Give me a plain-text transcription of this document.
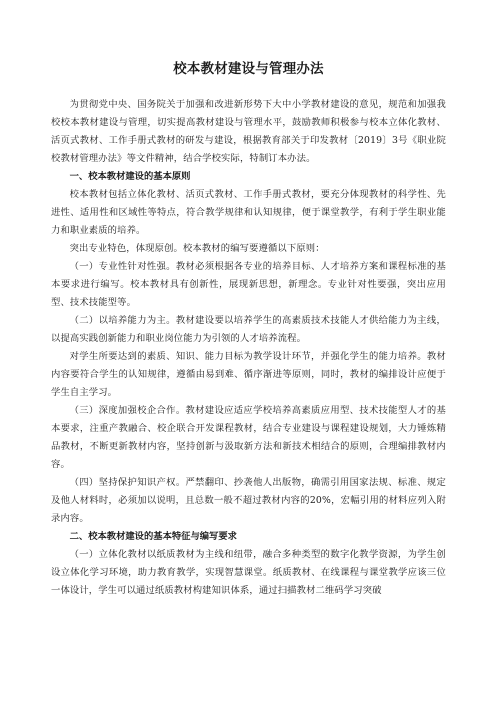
校本教材建设与管理办法

为贯彻党中央、国务院关于加强和改进新形势下大中小学教材建设的意见，规范和加强我校校本教材建设与管理，切实提高教材建设与管理水平，鼓励教师积极参与校本立体化教材、活页式教材、工作手册式教材的研发与建设，根据教育部关于印发教材〔2019〕3号《职业院校教材管理办法》等文件精神，结合学校实际，特制订本办法。

一、校本教材建设的基本原则

校本教材包括立体化教材、活页式教材、工作手册式教材，要充分体现教材的科学性、先进性、适用性和区域性等特点，符合教学规律和认知规律，便于课堂教学，有利于学生职业能力和职业素质的培养。

突出专业特色，体现原创。校本教材的编写要遵循以下原则：

（一）专业性针对性强。教材必须根据各专业的培养目标、人才培养方案和课程标准的基本要求进行编写。校本教材具有创新性，展现新思想，新理念。专业针对性要强，突出应用型、技术技能型等。

（二）以培养能力为主。教材建设要以培养学生的高素质技术技能人才供给能力为主线，以提高实践创新能力和职业岗位能力为引领的人才培养流程。

对学生所要达到的素质、知识、能力目标为教学设计环节，并强化学生的能力培养。教材内容要符合学生的认知规律，遵循由易到难、循序渐进等原则，同时，教材的编排设计应便于学生自主学习。

（三）深度加强校企合作。教材建设应适应学校培养高素质应用型、技术技能型人才的基本要求，注重产教融合、校企联合开发课程教材，结合专业建设与课程建设规划，大力锤炼精品教材，不断更新教材内容，坚持创新与汲取新方法和新技术相结合的原则，合理编排教材内容。

（四）坚持保护知识产权。严禁翻印、抄袭他人出版物，确需引用国家法规、标准、规定及他人材料时，必须加以说明，且总数一般不超过教材内容的20%，宏幅引用的材料应列入附录内容。

二、校本教材建设的基本特征与编写要求

（一）立体化教材以纸质教材为主线和纽带，融合多种类型的数字化教学资源，为学生创设立体化学习环境，助力教育教学，实现智慧课堂。纸质教材、在线课程与课堂教学应该三位一体设计，学生可以通过纸质教材构建知识体系，通过扫描教材二维码学习突破
